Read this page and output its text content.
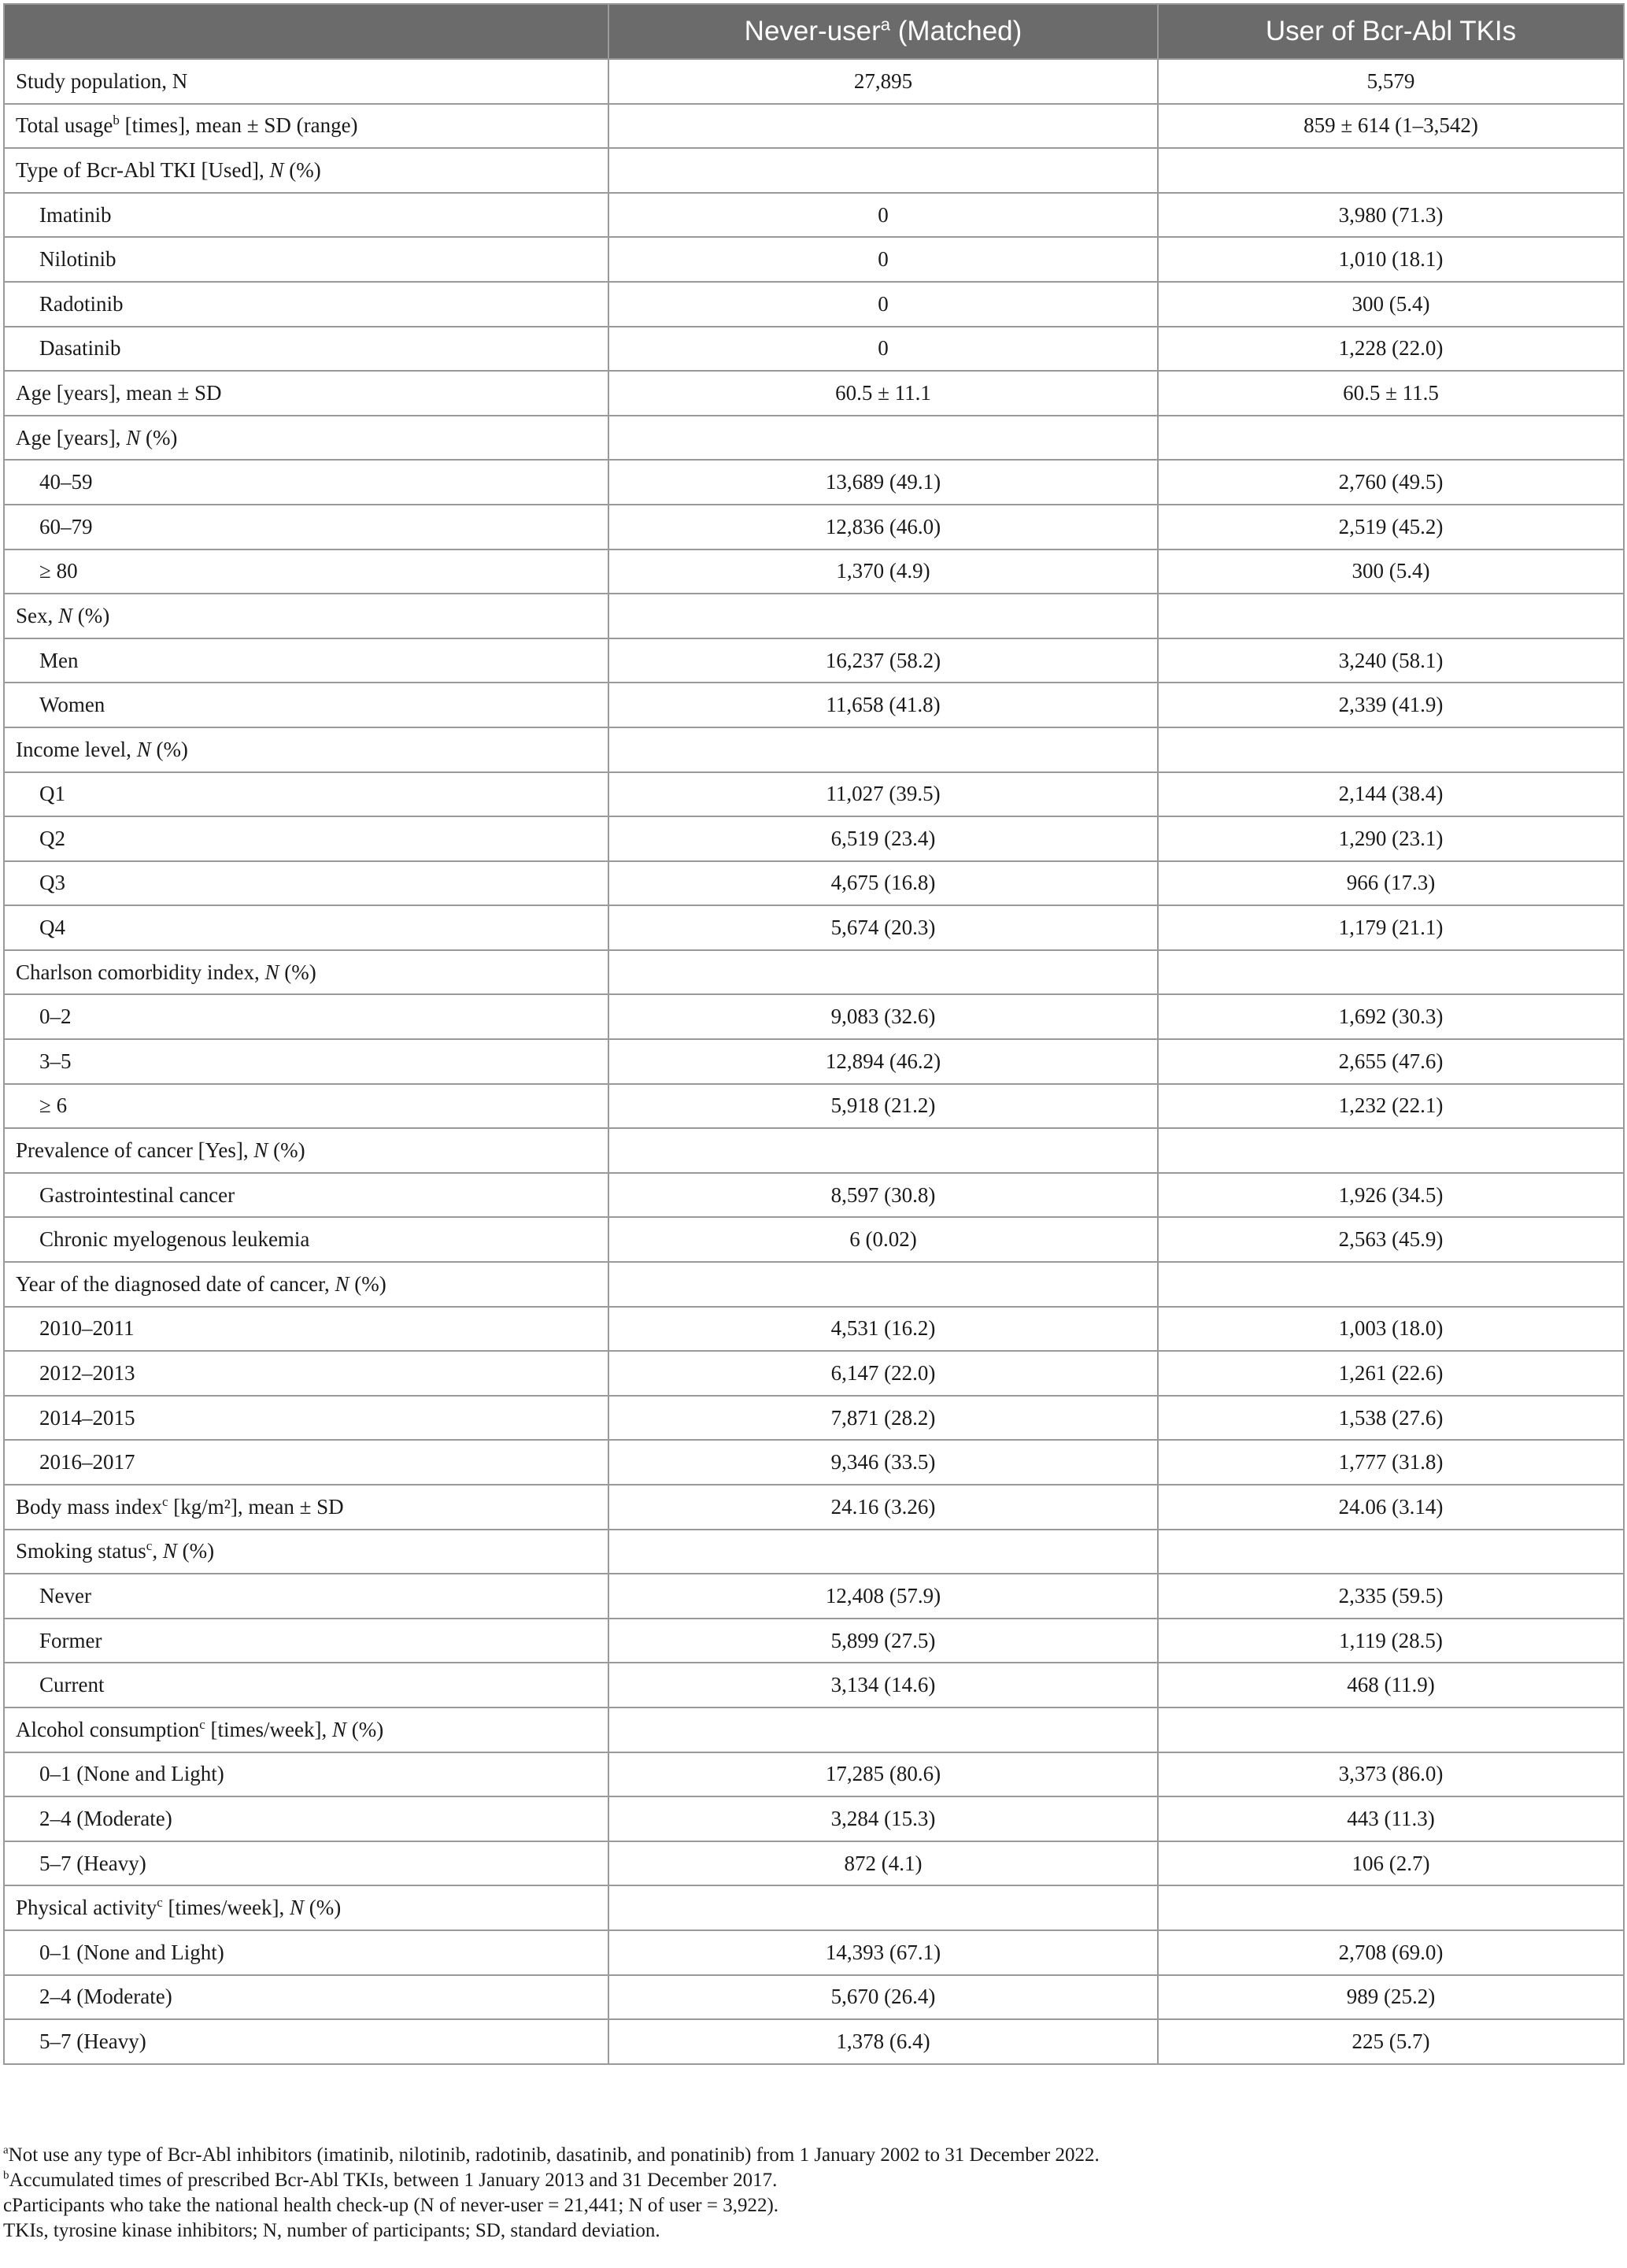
	Never-user$^a$ (Matched)	User of Bcr-Abl TKIs
Study population, N	27,895	5,579
Total usage$^b$ [times], mean ± SD (range)		859 ± 614 (1–3,542)
Type of Bcr-Abl TKI [Used], N (%)		
Imatinib	0	3,980 (71.3)
Nilotinib	0	1,010 (18.1)
Radotinib	0	300 (5.4)
Dasatinib	0	1,228 (22.0)
Age [years], mean ± SD	60.5 ± 11.1	60.5 ± 11.5
Age [years], N (%)		
40–59	13,689 (49.1)	2,760 (49.5)
60–79	12,836 (46.0)	2,519 (45.2)
≥ 80	1,370 (4.9)	300 (5.4)
Sex, N (%)		
Men	16,237 (58.2)	3,240 (58.1)
Women	11,658 (41.8)	2,339 (41.9)
Income level, N (%)		
Q1	11,027 (39.5)	2,144 (38.4)
Q2	6,519 (23.4)	1,290 (23.1)
Q3	4,675 (16.8)	966 (17.3)
Q4	5,674 (20.3)	1,179 (21.1)
Charlson comorbidity index, N (%)		
0–2	9,083 (32.6)	1,692 (30.3)
3–5	12,894 (46.2)	2,655 (47.6)
≥ 6	5,918 (21.2)	1,232 (22.1)
Prevalence of cancer [Yes], N (%)		
Gastrointestinal cancer	8,597 (30.8)	1,926 (34.5)
Chronic myelogenous leukemia	6 (0.02)	2,563 (45.9)
Year of the diagnosed date of cancer, N (%)		
2010–2011	4,531 (16.2)	1,003 (18.0)
2012–2013	6,147 (22.0)	1,261 (22.6)
2014–2015	7,871 (28.2)	1,538 (27.6)
2016–2017	9,346 (33.5)	1,777 (31.8)
Body mass index$^c$ [kg/m²], mean ± SD	24.16 (3.26)	24.06 (3.14)
Smoking status$^c$, N (%)		
Never	12,408 (57.9)	2,335 (59.5)
Former	5,899 (27.5)	1,119 (28.5)
Current	3,134 (14.6)	468 (11.9)
Alcohol consumption$^c$ [times/week], N (%)		
0–1 (None and Light)	17,285 (80.6)	3,373 (86.0)
2–4 (Moderate)	3,284 (15.3)	443 (11.3)
5–7 (Heavy)	872 (4.1)	106 (2.7)
Physical activity$^c$ [times/week], N (%)		
0–1 (None and Light)	14,393 (67.1)	2,708 (69.0)
2–4 (Moderate)	5,670 (26.4)	989 (25.2)
5–7 (Heavy)	1,378 (6.4)	225 (5.7)
$^a$Not use any type of Bcr-Abl inhibitors (imatinib, nilotinib, radotinib, dasatinib, and ponatinib) from 1 January 2002 to 31 December 2022.
$^b$Accumulated times of prescribed Bcr-Abl TKIs, between 1 January 2013 and 31 December 2017.
cParticipants who take the national health check-up (N of never-user = 21,441; N of user = 3,922).
TKIs, tyrosine kinase inhibitors; N, number of participants; SD, standard deviation.
